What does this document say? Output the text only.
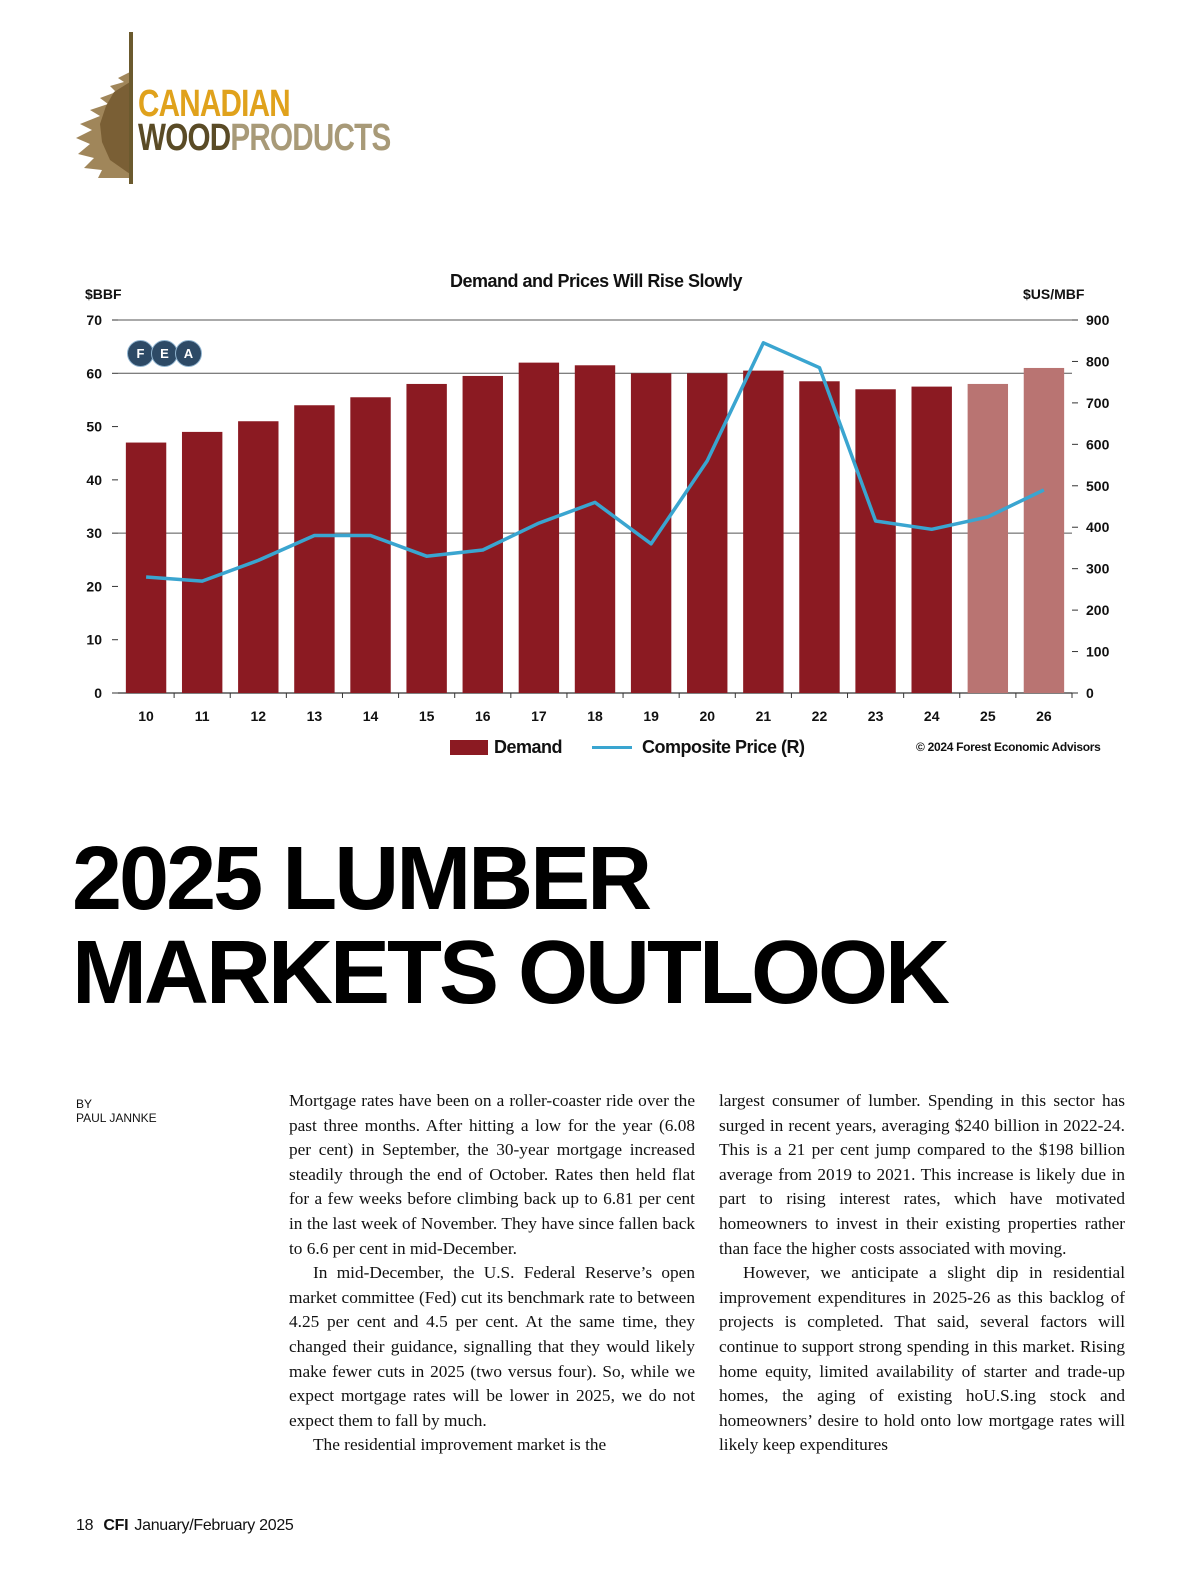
CANADIAN
WOODPRODUCTS
Demand and Prices Will Rise Slowly
$BBF	$US/MBF
0
10
20
30
40
50
60
70
0
100
200
300
400
500
600
700
800
900
10	11	12	13	14	15	16	17	18	19	20	21	22	23	24	25	26
F	E	A
Demand	Composite Price (R)	© 2024 Forest Economic Advisors
2025 LUMBER
MARKETS OUTLOOK
BY
PAUL JANNKE

Mortgage rates have been on a roller-coaster ride over the past three months. After hitting a low for the year (6.08 per cent) in September, the 30-year mortgage increased steadily through the end of October. Rates then held flat for a few weeks before climbing back up to 6.81 per cent in the last week of November. They have since fallen back to 6.6 per cent in mid-December.

In mid-December, the U.S. Federal Reserve’s open market committee (Fed) cut its benchmark rate to between 4.25 per cent and 4.5 per cent. At the same time, they changed their guidance, signalling that they would likely make fewer cuts in 2025 (two versus four). So, while we expect mortgage rates will be lower in 2025, we do not expect them to fall by much.

The residential improvement market is the

largest consumer of lumber. Spending in this sector has surged in recent years, averaging $240 billion in 2022-24. This is a 21 per cent jump compared to the $198 billion average from 2019 to 2021. This increase is likely due in part to rising interest rates, which have motivated homeowners to invest in their existing properties rather than face the higher costs associated with moving.

However, we anticipate a slight dip in residential improvement expenditures in 2025-26 as this backlog of projects is completed. That said, several factors will continue to support strong spending in this market. Rising home equity, limited availability of starter and trade-up homes, the aging of existing hoU.S.ing stock and homeowners’ desire to hold onto low mortgage rates will likely keep expenditures

18 CFI January/February 2025
